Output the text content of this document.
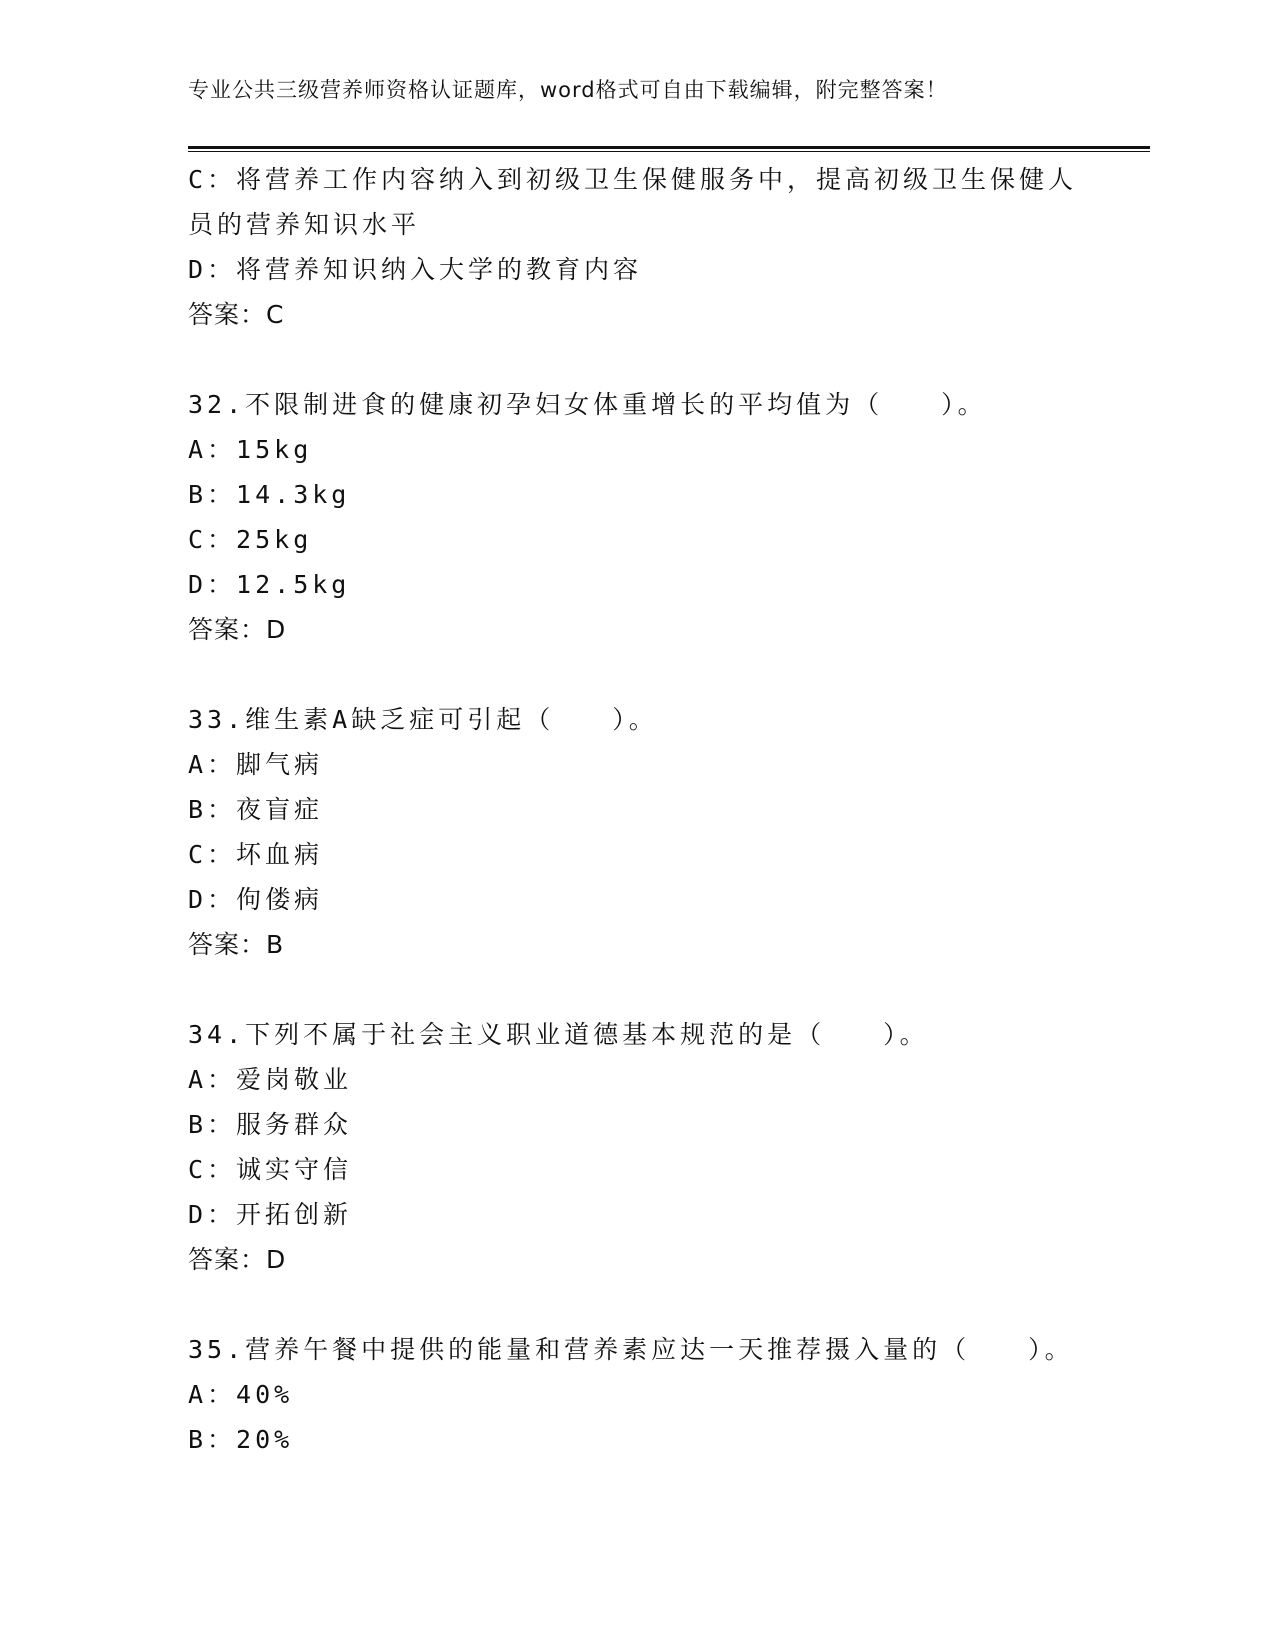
专业公共三级营养师资格认证题库，word格式可自由下载编辑，附完整答案！
C：将营养工作内容纳入到初级卫生保健服务中，提高初级卫生保健人
员的营养知识水平
D：将营养知识纳入大学的教育内容
答案：C
32.不限制进食的健康初孕妇女体重增长的平均值为（　　）。
A：15kg
B：14.3kg
C：25kg
D：12.5kg
答案：D
33.维生素A缺乏症可引起（　　）。
A：脚气病
B：夜盲症
C：坏血病
D：佝偻病
答案：B
34.下列不属于社会主义职业道德基本规范的是（　　）。
A：爱岗敬业
B：服务群众
C：诚实守信
D：开拓创新
答案：D
35.营养午餐中提供的能量和营养素应达一天推荐摄入量的（　　）。
A：40%
B：20%
